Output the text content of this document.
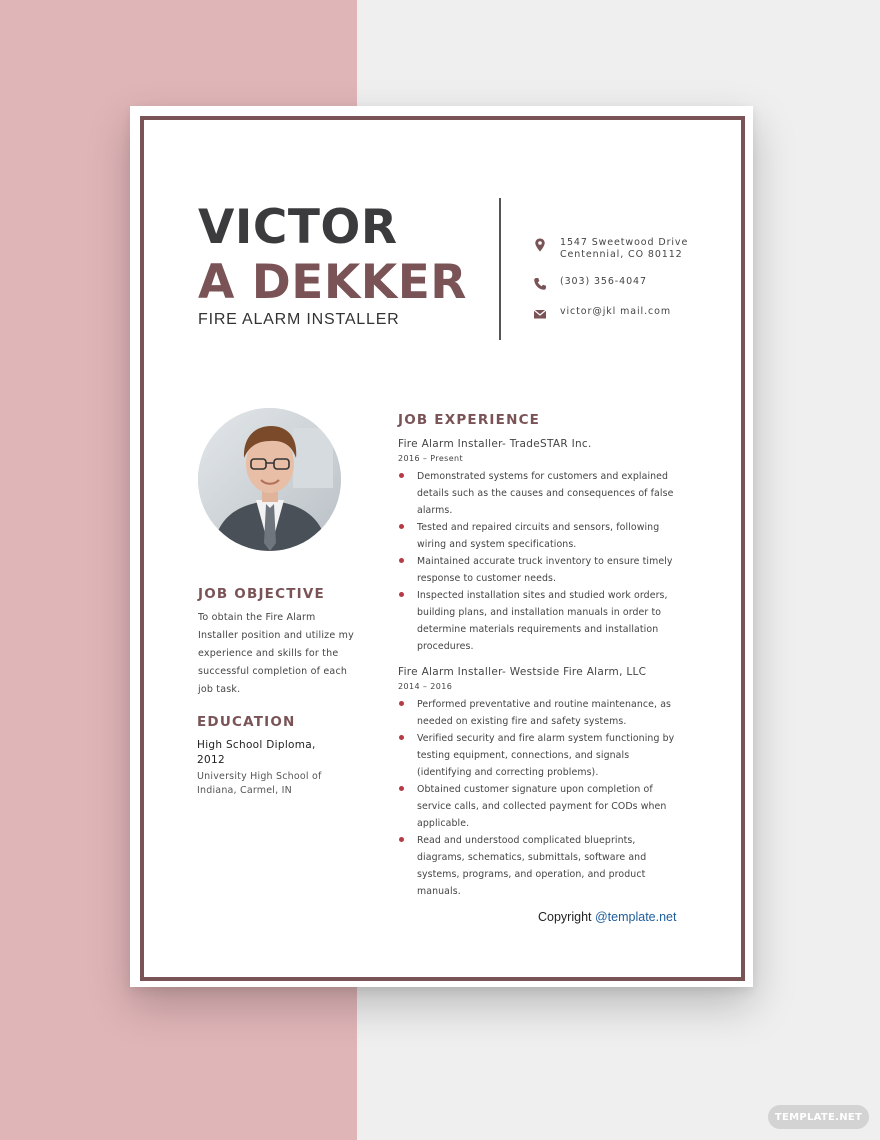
VICTOR
A DEKKER
FIRE ALARM INSTALLER
1547 Sweetwood Drive
Centennial, CO 80112
(303) 356-4047
victor@jkl mail.com
JOB OBJECTIVE
To obtain the Fire Alarm Installer position and utilize my experience and skills for the successful completion of each job task.
EDUCATION
High School Diploma, 2012
University High School of Indiana, Carmel, IN
JOB EXPERIENCE
Fire Alarm Installer- TradeSTAR Inc.
2016 – Present
Demonstrated systems for customers and explained details such as the causes and consequences of false alarms.
Tested and repaired circuits and sensors, following wiring and system specifications.
Maintained accurate truck inventory to ensure timely response to customer needs.
Inspected installation sites and studied work orders, building plans, and installation manuals in order to determine materials requirements and installation procedures.
Fire Alarm Installer- Westside Fire Alarm, LLC
2014 – 2016
Performed preventative and routine maintenance, as needed on existing fire and safety systems.
Verified security and fire alarm system functioning by testing equipment, connections, and signals (identifying and correcting problems).
Obtained customer signature upon completion of service calls, and collected payment for CODs when applicable.
Read and understood complicated blueprints, diagrams, schematics, submittals, software and systems, programs, and operation, and product manuals.
Copyright @template.net
TEMPLATE.NET
